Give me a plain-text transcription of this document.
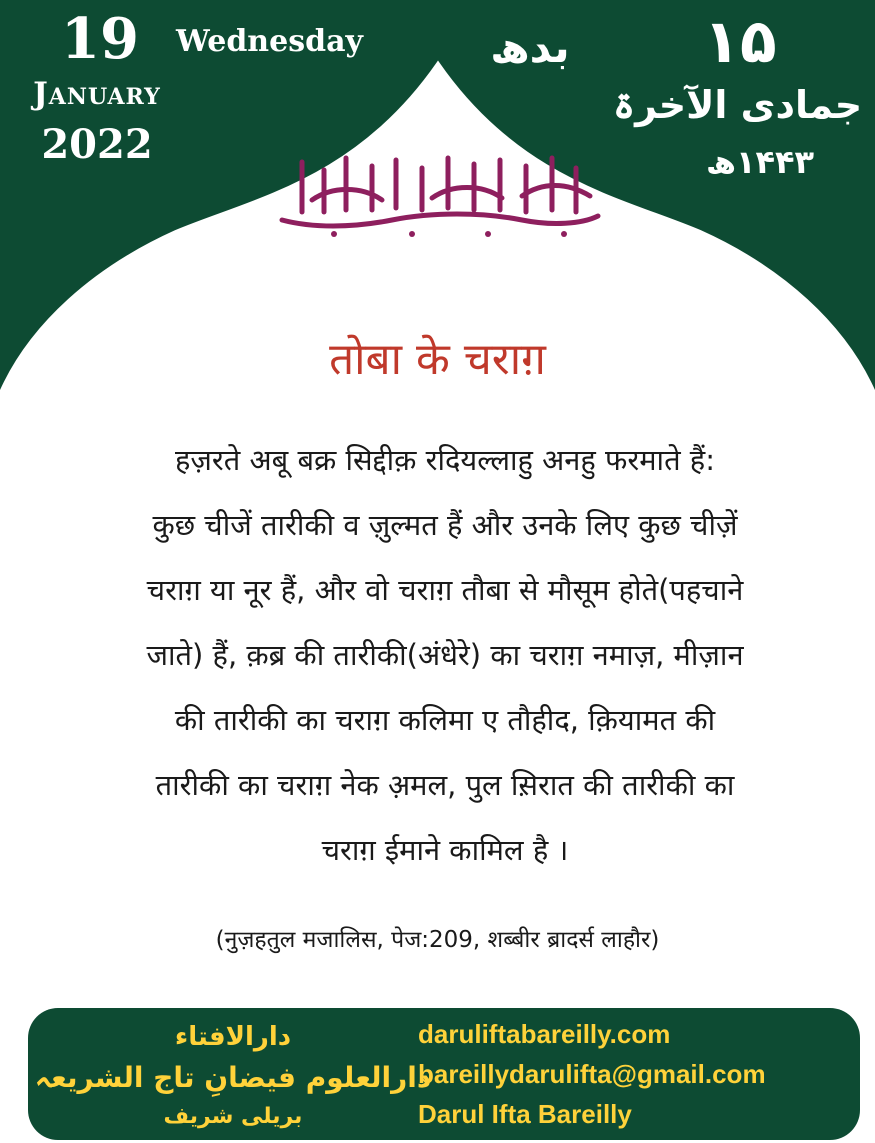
19
January
2022
Wednesday	بدھ	۱۵
جمادی الآخرۃ
۱۴۴۳ھ
तोबा के चराग़
हज़रते अबू बक्र सिद्दीक़ रदियल्लाहु अनहु फरमाते हैं:
कुछ चीजें तारीकी व ज़ुल्मत हैं और उनके लिए कुछ चीज़ें
चराग़ या नूर हैं, और वो चराग़ तौबा से मौसूम होते(पहचाने
जाते) हैं, क़ब्र की तारीकी(अंधेरे) का चराग़ नमाज़, मीज़ान
की तारीकी का चराग़ कलिमा ए तौहीद, क़ियामत की
तारीकी का चराग़ नेक अ़मल, पुल स़िरात की तारीकी का
चराग़ ईमाने कामिल है ।
(नुज़हतुल मजालिस, पेज:209, शब्बीर ब्रादर्स लाहौर)
دارالافتاء
دارالعلوم فیضانِ تاج الشریعہ
بریلی شریف
daruliftabareilly.com
bareillydarulifta@gmail.com
Darul Ifta Bareilly
